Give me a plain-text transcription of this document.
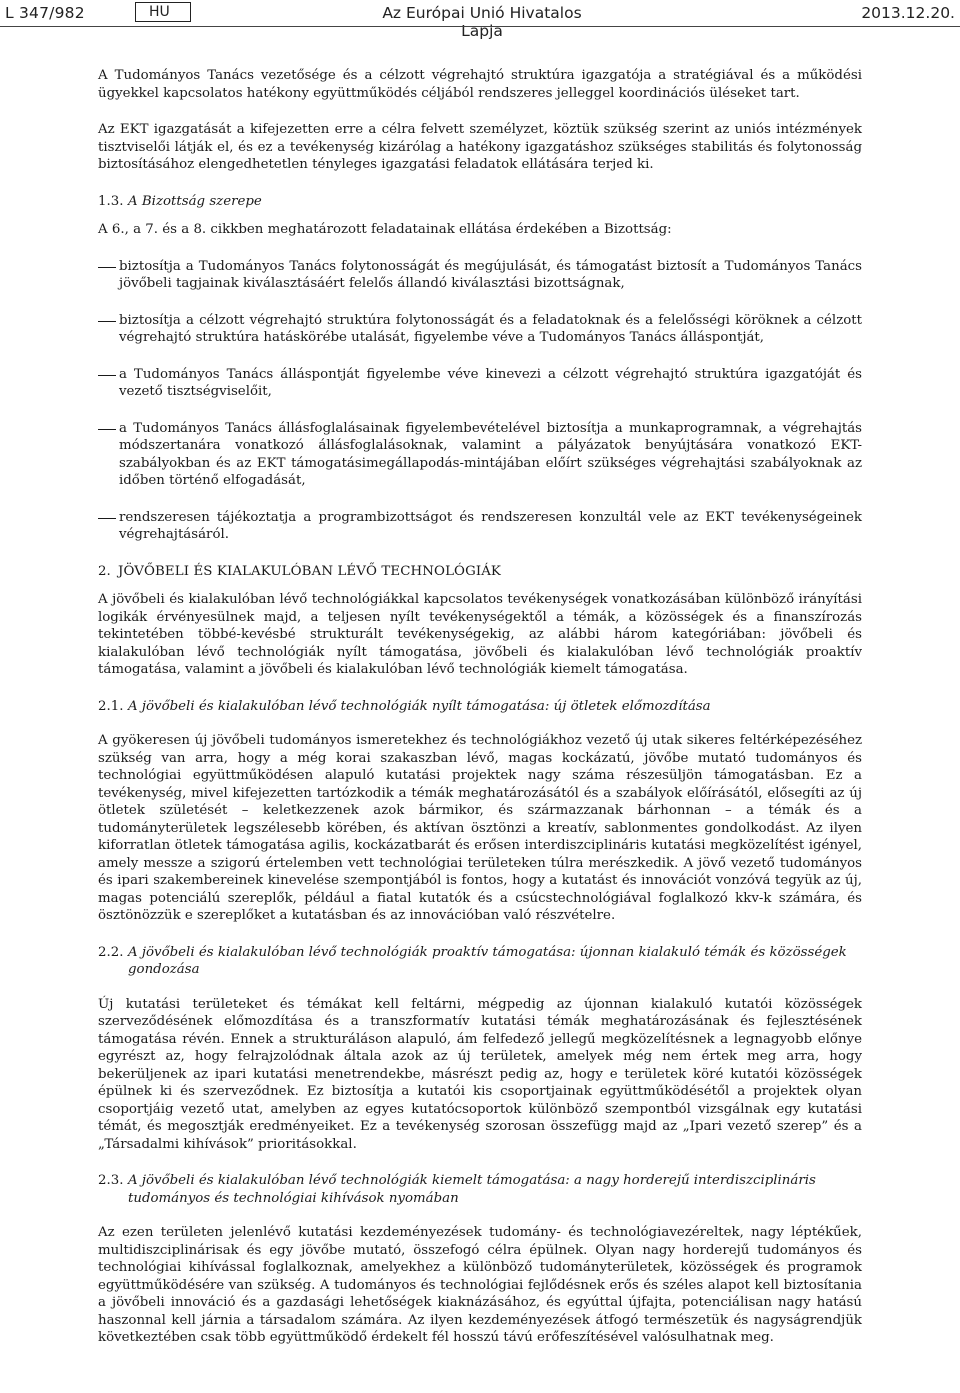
L 347/982	HU	Az Európai Unió Hivatalos Lapja
2013.12.20.

A Tudományos Tanács vezetősége és a célzott végrehajtó struktúra igazgatója a stratégiával és a működési ügyekkel kapcsolatos hatékony együttműködés céljából rendszeres jelleggel koordinációs üléseket tart.

Az EKT igazgatását a kifejezetten erre a célra felvett személyzet, köztük szükség szerint az uniós intézmények tisztviselői látják el, és ez a tevékenység kizárólag a hatékony igazgatáshoz szükséges stabilitás és folytonosság biztosításához elengedhetetlen tényleges igazgatási feladatok ellátására terjed ki.

1.3. A Bizottság szerepe

A 6., a 7. és a 8. cikkben meghatározott feladatainak ellátása érdekében a Bizottság:

biztosítja a Tudományos Tanács folytonosságát és megújulását, és támogatást biztosít a Tudományos Tanács jövőbeli tagjainak kiválasztásáért felelős állandó kiválasztási bizottságnak,
biztosítja a célzott végrehajtó struktúra folytonosságát és a feladatoknak és a felelősségi köröknek a célzott végrehajtó struktúra hatáskörébe utalását, figyelembe véve a Tudományos Tanács álláspontját,
a Tudományos Tanács álláspontját figyelembe véve kinevezi a célzott végrehajtó struktúra igazgatóját és vezető tisztségviselőit,
a Tudományos Tanács állásfoglalásainak figyelembevételével biztosítja a munkaprogramnak, a végrehajtás módszertanára vonatkozó állásfoglalásoknak, valamint a pályázatok benyújtására vonatkozó EKT-szabályokban és az EKT támogatásimegállapodás-mintájában előírt szükséges végrehajtási szabályoknak az időben történő elfogadását,
rendszeresen tájékoztatja a programbizottságot és rendszeresen konzultál vele az EKT tevékenységeinek végrehajtásáról.
2. JÖVŐBELI ÉS KIALAKULÓBAN LÉVŐ TECHNOLÓGIÁK

A jövőbeli és kialakulóban lévő technológiákkal kapcsolatos tevékenységek vonatkozásában különböző irányítási logikák érvényesülnek majd, a teljesen nyílt tevékenységektől a témák, a közösségek és a finanszírozás tekintetében többé-kevésbé strukturált tevékenységekig, az alábbi három kategóriában: jövőbeli és kialakulóban lévő technológiák nyílt támogatása, jövőbeli és kialakulóban lévő technológiák proaktív támogatása, valamint a jövőbeli és kialakulóban lévő technológiák kiemelt támogatása.

2.1. A jövőbeli és kialakulóban lévő technológiák nyílt támogatása: új ötletek előmozdítása

A gyökeresen új jövőbeli tudományos ismeretekhez és technológiákhoz vezető új utak sikeres feltérképezéséhez szükség van arra, hogy a még korai szakaszban lévő, magas kockázatú, jövőbe mutató tudományos és technológiai együttműködésen alapuló kutatási projektek nagy száma részesüljön támogatásban. Ez a tevékenység, mivel kifejezetten tartózkodik a témák meghatározásától és a szabályok előírásától, elősegíti az új ötletek születését – keletkezzenek azok bármikor, és származzanak bárhonnan – a témák és a tudományterületek legszélesebb körében, és aktívan ösztönzi a kreatív, sablonmentes gondolkodást. Az ilyen kiforratlan ötletek támogatása agilis, kockázatbarát és erősen interdiszciplináris kutatási megközelítést igényel, amely messze a szigorú értelemben vett technológiai területeken túlra merészkedik. A jövő vezető tudományos és ipari szakembereinek kinevelése szempontjából is fontos, hogy a kutatást és innovációt vonzóvá tegyük az új, magas potenciálú szereplők, például a fiatal kutatók és a csúcstechnológiával foglalkozó kkv-k számára, és ösztönözzük e szereplőket a kutatásban és az innovációban való részvételre.

2.2. A jövőbeli és kialakulóban lévő technológiák proaktív támogatása: újonnan kialakuló témák és közösségek gondozása

Új kutatási területeket és témákat kell feltárni, mégpedig az újonnan kialakuló kutatói közösségek szerveződésének előmozdítása és a transzformatív kutatási témák meghatározásának és fejlesztésének támogatása révén. Ennek a strukturáláson alapuló, ám felfedező jellegű megközelítésnek a legnagyobb előnye egyrészt az, hogy felrajzolódnak általa azok az új területek, amelyek még nem értek meg arra, hogy bekerüljenek az ipari kutatási menetrendekbe, másrészt pedig az, hogy e területek köré kutatói közösségek épülnek ki és szerveződnek. Ez biztosítja a kutatói kis csoportjainak együttműködésétől a projektek olyan csoportjáig vezető utat, amelyben az egyes kutatócsoportok különböző szempontból vizsgálnak egy kutatási témát, és megosztják eredményeiket. Ez a tevékenység szorosan összefügg majd az „Ipari vezető szerep” és a „Társadalmi kihívások” prioritásokkal.

2.3. A jövőbeli és kialakulóban lévő technológiák kiemelt támogatása: a nagy horderejű interdiszciplináris tudományos és technológiai kihívások nyomában

Az ezen területen jelenlévő kutatási kezdeményezések tudomány- és technológiavezéreltek, nagy léptékűek, multidiszciplinárisak és egy jövőbe mutató, összefogó célra épülnek. Olyan nagy horderejű tudományos és technológiai kihívással foglalkoznak, amelyekhez a különböző tudományterületek, közösségek és programok együttműködésére van szükség. A tudományos és technológiai fejlődésnek erős és széles alapot kell biztosítania a jövőbeli innováció és a gazdasági lehetőségek kiaknázásához, és egyúttal újfajta, potenciálisan nagy hatású haszonnal kell járnia a társadalom számára. Az ilyen kezdeményezések átfogó természetük és nagyságrendjük következtében csak több együttműködő érdekelt fél hosszú távú erőfeszítésével valósulhatnak meg.
